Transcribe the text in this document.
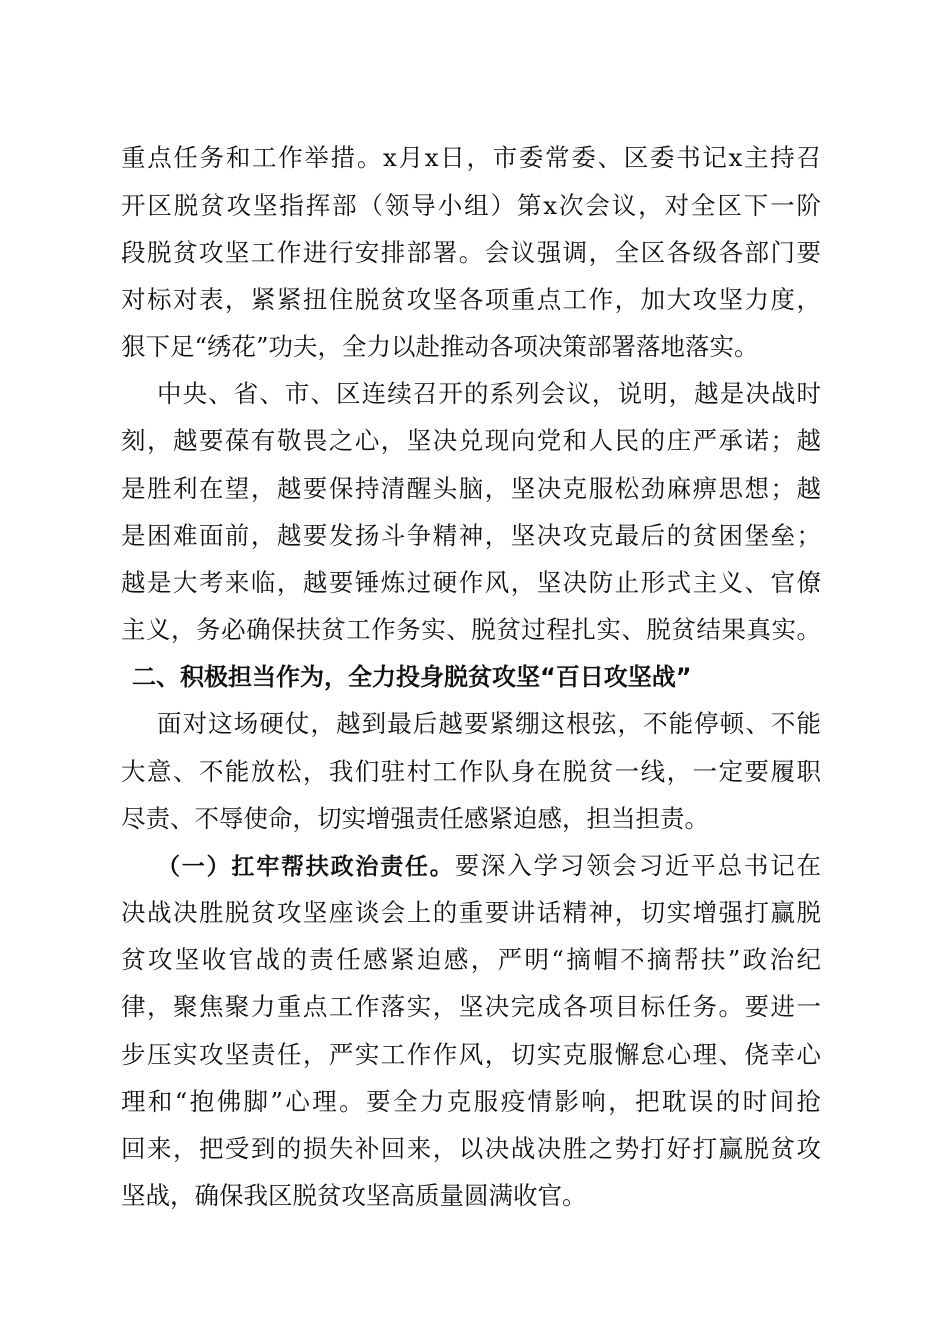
重点任务和工作举措。x月x日，市委常委、区委书记x主持召
开区脱贫攻坚指挥部（领导小组）第x次会议，对全区下一阶
段脱贫攻坚工作进行安排部署。会议强调，全区各级各部门要
对标对表，紧紧扭住脱贫攻坚各项重点工作，加大攻坚力度，
狠下足“绣花”功夫，全力以赴推动各项决策部署落地落实。
中央、省、市、区连续召开的系列会议，说明，越是决战时
刻，越要葆有敬畏之心，坚决兑现向党和人民的庄严承诺；越
是胜利在望，越要保持清醒头脑，坚决克服松劲麻痹思想；越
是困难面前，越要发扬斗争精神，坚决攻克最后的贫困堡垒；
越是大考来临，越要锤炼过硬作风，坚决防止形式主义、官僚
主义，务必确保扶贫工作务实、脱贫过程扎实、脱贫结果真实。
二、积极担当作为，全力投身脱贫攻坚“百日攻坚战”
面对这场硬仗，越到最后越要紧绷这根弦，不能停顿、不能
大意、不能放松，我们驻村工作队身在脱贫一线，一定要履职
尽责、不辱使命，切实增强责任感紧迫感，担当担责。
（一）扛牢帮扶政治责任。要深入学习领会习近平总书记在
决战决胜脱贫攻坚座谈会上的重要讲话精神，切实增强打赢脱
贫攻坚收官战的责任感紧迫感，严明“摘帽不摘帮扶”政治纪
律，聚焦聚力重点工作落实，坚决完成各项目标任务。要进一
步压实攻坚责任，严实工作作风，切实克服懈怠心理、侥幸心
理和“抱佛脚”心理。要全力克服疫情影响，把耽误的时间抢
回来，把受到的损失补回来，以决战决胜之势打好打赢脱贫攻
坚战，确保我区脱贫攻坚高质量圆满收官。
